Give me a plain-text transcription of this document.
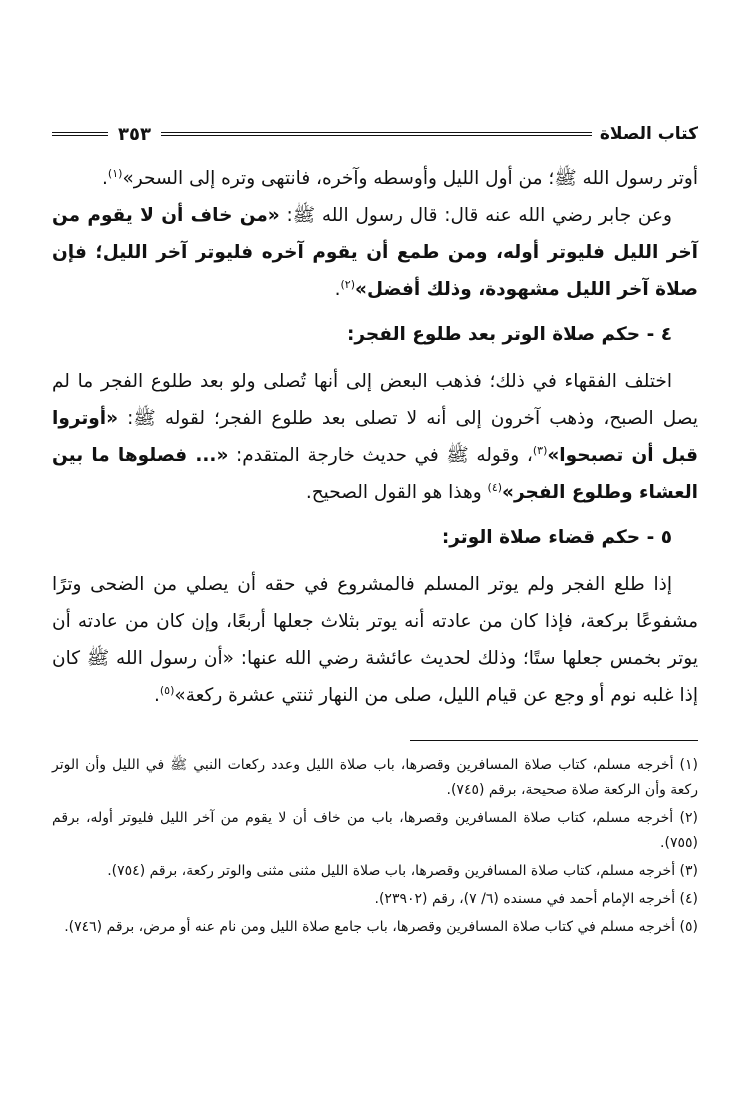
كتاب الصلاة
٣٥٣

أوتر رسول الله ﷺ؛ من أول الليل وأوسطه وآخره، فانتهى وتره إلى السحر»$^{(١)}$.

وعن جابر رضي الله عنه قال: قال رسول الله ﷺ: «من خاف أن لا يقوم من آخر الليل فليوتر أوله، ومن طمع أن يقوم آخره فليوتر آخر الليل؛ فإن صلاة آخر الليل مشهودة، وذلك أفضل»$^{(٢)}$.

٤ - حكم صلاة الوتر بعد طلوع الفجر:

اختلف الفقهاء في ذلك؛ فذهب البعض إلى أنها تُصلى ولو بعد طلوع الفجر ما لم يصل الصبح، وذهب آخرون إلى أنه لا تصلى بعد طلوع الفجر؛ لقوله ﷺ: «أوتروا قبل أن تصبحوا»$^{(٣)}$، وقوله ﷺ في حديث خارجة المتقدم: «... فصلوها ما بين العشاء وطلوع الفجر»$^{(٤)}$ وهذا هو القول الصحيح.

٥ - حكم قضاء صلاة الوتر:

إذا طلع الفجر ولم يوتر المسلم فالمشروع في حقه أن يصلي من الضحى وترًا مشفوعًا بركعة، فإذا كان من عادته أنه يوتر بثلاث جعلها أربعًا، وإن كان من عادته أن يوتر بخمس جعلها ستًا؛ وذلك لحديث عائشة رضي الله عنها: «أن رسول الله ﷺ كان إذا غلبه نوم أو وجع عن قيام الليل، صلى من النهار ثنتي عشرة ركعة»$^{(٥)}$.

(١) أخرجه مسلم، كتاب صلاة المسافرين وقصرها، باب صلاة الليل وعدد ركعات النبي ﷺ في الليل وأن الوتر ركعة وأن الركعة صلاة صحيحة، برقم (٧٤٥).

(٢) أخرجه مسلم، كتاب صلاة المسافرين وقصرها، باب من خاف أن لا يقوم من آخر الليل فليوتر أوله، برقم (٧٥٥).

(٣) أخرجه مسلم، كتاب صلاة المسافرين وقصرها، باب صلاة الليل مثنى مثنى والوتر ركعة، برقم (٧٥٤).

(٤) أخرجه الإمام أحمد في مسنده (٦/ ٧)، رقم (٢٣٩٠٢).

(٥) أخرجه مسلم في كتاب صلاة المسافرين وقصرها، باب جامع صلاة الليل ومن نام عنه أو مرض، برقم (٧٤٦).
